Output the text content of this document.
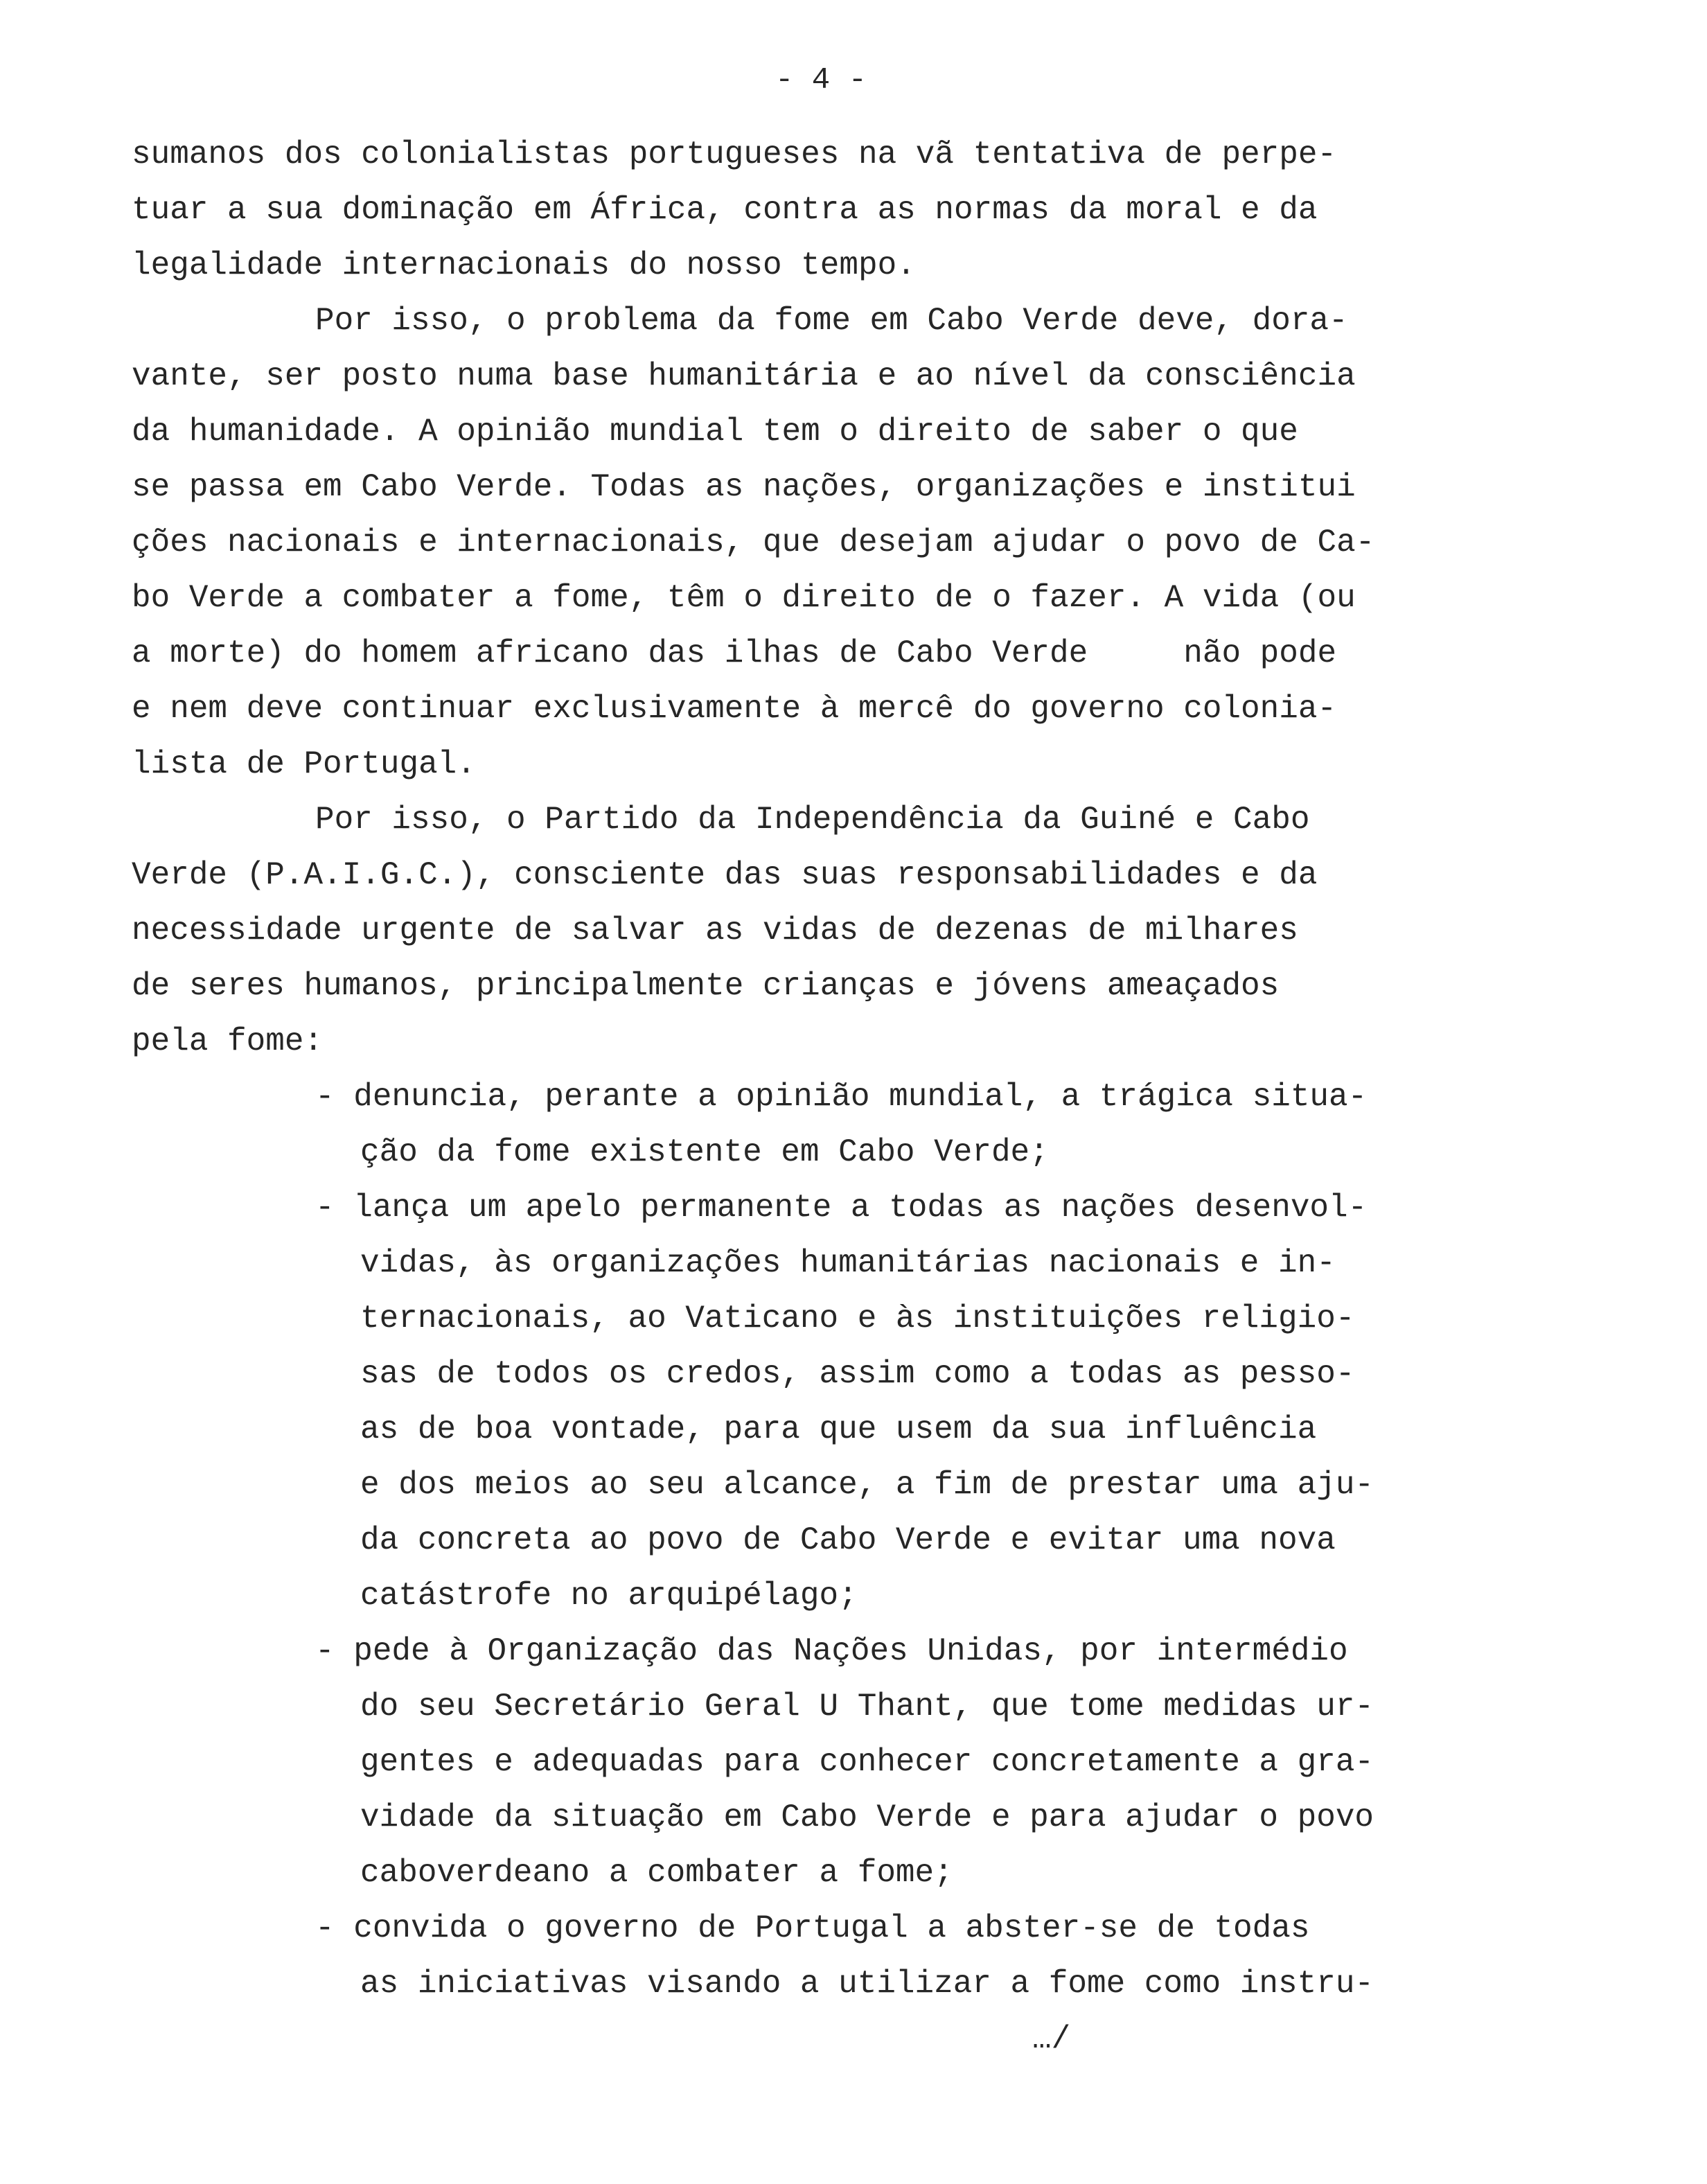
- 4 -
sumanos dos colonialistas portugueses na vã tentativa de perpe-
tuar a sua dominação em África, contra as normas da moral e da
legalidade internacionais do nosso tempo.
Por isso, o problema da fome em Cabo Verde deve, dora-
vante, ser posto numa base humanitária e ao nível da consciência
da humanidade. A opinião mundial tem o direito de saber o que
se passa em Cabo Verde. Todas as nações, organizações e institui
ções nacionais e internacionais, que desejam ajudar o povo de Ca-
bo Verde a combater a fome, têm o direito de o fazer. A vida (ou
a morte) do homem africano das ilhas de Cabo Verde     não pode
e nem deve continuar exclusivamente à mercê do governo colonia-
lista de Portugal.
Por isso, o Partido da Independência da Guiné e Cabo
Verde (P.A.I.G.C.), consciente das suas responsabilidades e da
necessidade urgente de salvar as vidas de dezenas de milhares
de seres humanos, principalmente crianças e jóvens ameaçados
pela fome:
- denuncia, perante a opinião mundial, a trágica situa-
ção da fome existente em Cabo Verde;
- lança um apelo permanente a todas as nações desenvol-
vidas, às organizações humanitárias nacionais e in-
ternacionais, ao Vaticano e às instituições religio-
sas de todos os credos, assim como a todas as pesso-
as de boa vontade, para que usem da sua influência
e dos meios ao seu alcance, a fim de prestar uma aju-
da concreta ao povo de Cabo Verde e evitar uma nova
catástrofe no arquipélago;
- pede à Organização das Nações Unidas, por intermédio
do seu Secretário Geral U Thant, que tome medidas ur-
gentes e adequadas para conhecer concretamente a gra-
vidade da situação em Cabo Verde e para ajudar o povo
caboverdeano a combater a fome;
- convida o governo de Portugal a abster-se de todas
as iniciativas visando a utilizar a fome como instru-
…/
